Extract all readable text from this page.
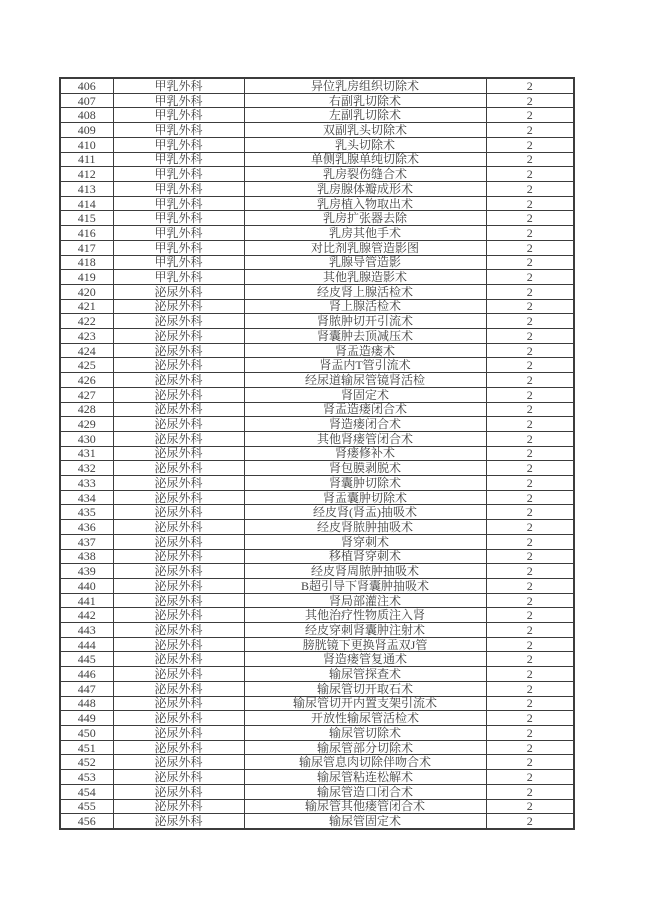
406	甲乳外科	异位乳房组织切除术	2
407	甲乳外科	右副乳切除术	2
408	甲乳外科	左副乳切除术	2
409	甲乳外科	双副乳头切除术	2
410	甲乳外科	乳头切除术	2
411	甲乳外科	单侧乳腺单纯切除术	2
412	甲乳外科	乳房裂伤缝合术	2
413	甲乳外科	乳房腺体瓣成形术	2
414	甲乳外科	乳房植入物取出术	2
415	甲乳外科	乳房扩张器去除	2
416	甲乳外科	乳房其他手术	2
417	甲乳外科	对比剂乳腺管造影图	2
418	甲乳外科	乳腺导管造影	2
419	甲乳外科	其他乳腺造影术	2
420	泌尿外科	经皮肾上腺活检术	2
421	泌尿外科	肾上腺活检术	2
422	泌尿外科	肾脓肿切开引流术	2
423	泌尿外科	肾囊肿去顶减压术	2
424	泌尿外科	肾盂造瘘术	2
425	泌尿外科	肾盂内T管引流术	2
426	泌尿外科	经尿道输尿管镜肾活检	2
427	泌尿外科	肾固定术	2
428	泌尿外科	肾盂造瘘闭合术	2
429	泌尿外科	肾造瘘闭合术	2
430	泌尿外科	其他肾瘘管闭合术	2
431	泌尿外科	肾瘘修补术	2
432	泌尿外科	肾包膜剥脱术	2
433	泌尿外科	肾囊肿切除术	2
434	泌尿外科	肾盂囊肿切除术	2
435	泌尿外科	经皮肾(肾盂)抽吸术	2
436	泌尿外科	经皮肾脓肿抽吸术	2
437	泌尿外科	肾穿刺术	2
438	泌尿外科	移植肾穿刺术	2
439	泌尿外科	经皮肾周脓肿抽吸术	2
440	泌尿外科	B超引导下肾囊肿抽吸术	2
441	泌尿外科	肾局部灌注术	2
442	泌尿外科	其他治疗性物质注入肾	2
443	泌尿外科	经皮穿刺肾囊肿注射术	2
444	泌尿外科	膀胱镜下更换肾盂双J管	2
445	泌尿外科	肾造瘘管复通术	2
446	泌尿外科	输尿管探查术	2
447	泌尿外科	输尿管切开取石术	2
448	泌尿外科	输尿管切开内置支架引流术	2
449	泌尿外科	开放性输尿管活检术	2
450	泌尿外科	输尿管切除术	2
451	泌尿外科	输尿管部分切除术	2
452	泌尿外科	输尿管息肉切除伴吻合术	2
453	泌尿外科	输尿管粘连松解术	2
454	泌尿外科	输尿管造口闭合术	2
455	泌尿外科	输尿管其他瘘管闭合术	2
456	泌尿外科	输尿管固定术	2
